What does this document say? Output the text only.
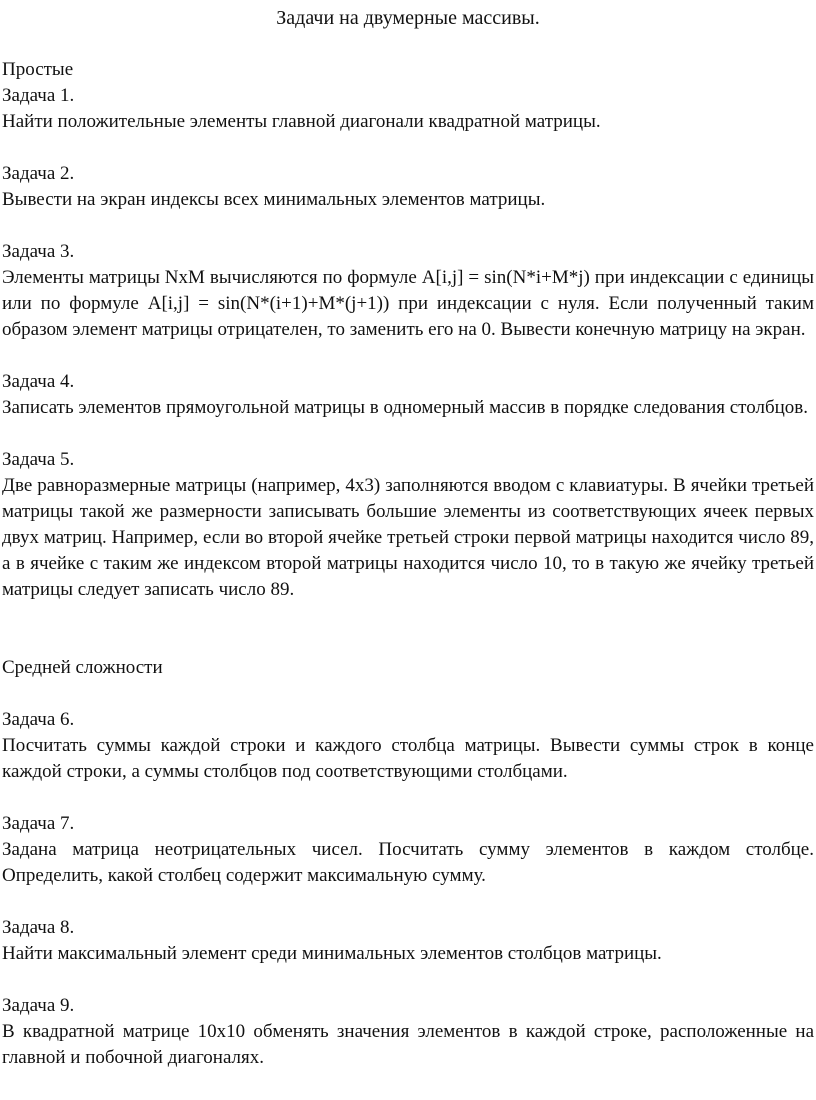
Задачи на двумерные массивы.
Простые
Задача 1.

Найти положительные элементы главной диагонали квадратной матрицы.

Задача 2.

Вывести на экран индексы всех минимальных элементов матрицы.

Задача 3.

Элементы матрицы NxM вычисляются по формуле A[i,j] = sin(N*i+M*j) при индексации с единицы или по формуле A[i,j] = sin(N*(i+1)+M*(j+1)) при индексации с нуля. Если полученный таким образом элемент матрицы отрицателен, то заменить его на 0. Вывести конечную матрицу на экран.

Задача 4.

Записать элементов прямоугольной матрицы в одномерный массив в порядке следования столбцов.

Задача 5.

Две равноразмерные матрицы (например, 4x3) заполняются вводом с клавиатуры. В ячейки третьей матрицы такой же размерности записывать большие элементы из соответствующих ячеек первых двух матриц. Например, если во второй ячейке третьей строки первой матрицы находится число 89, а в ячейке с таким же индексом второй матрицы находится число 10, то в такую же ячейку третьей матрицы следует записать число 89.

Средней сложности
Задача 6.

Посчитать суммы каждой строки и каждого столбца матрицы. Вывести суммы строк в конце каждой строки, а суммы столбцов под соответствующими столбцами.

Задача 7.

Задана матрица неотрицательных чисел. Посчитать сумму элементов в каждом столбце. Определить, какой столбец содержит максимальную сумму.

Задача 8.

Найти максимальный элемент среди минимальных элементов столбцов матрицы.

Задача 9.

В квадратной матрице 10x10 обменять значения элементов в каждой строке, расположенные на главной и побочной диагоналях.
